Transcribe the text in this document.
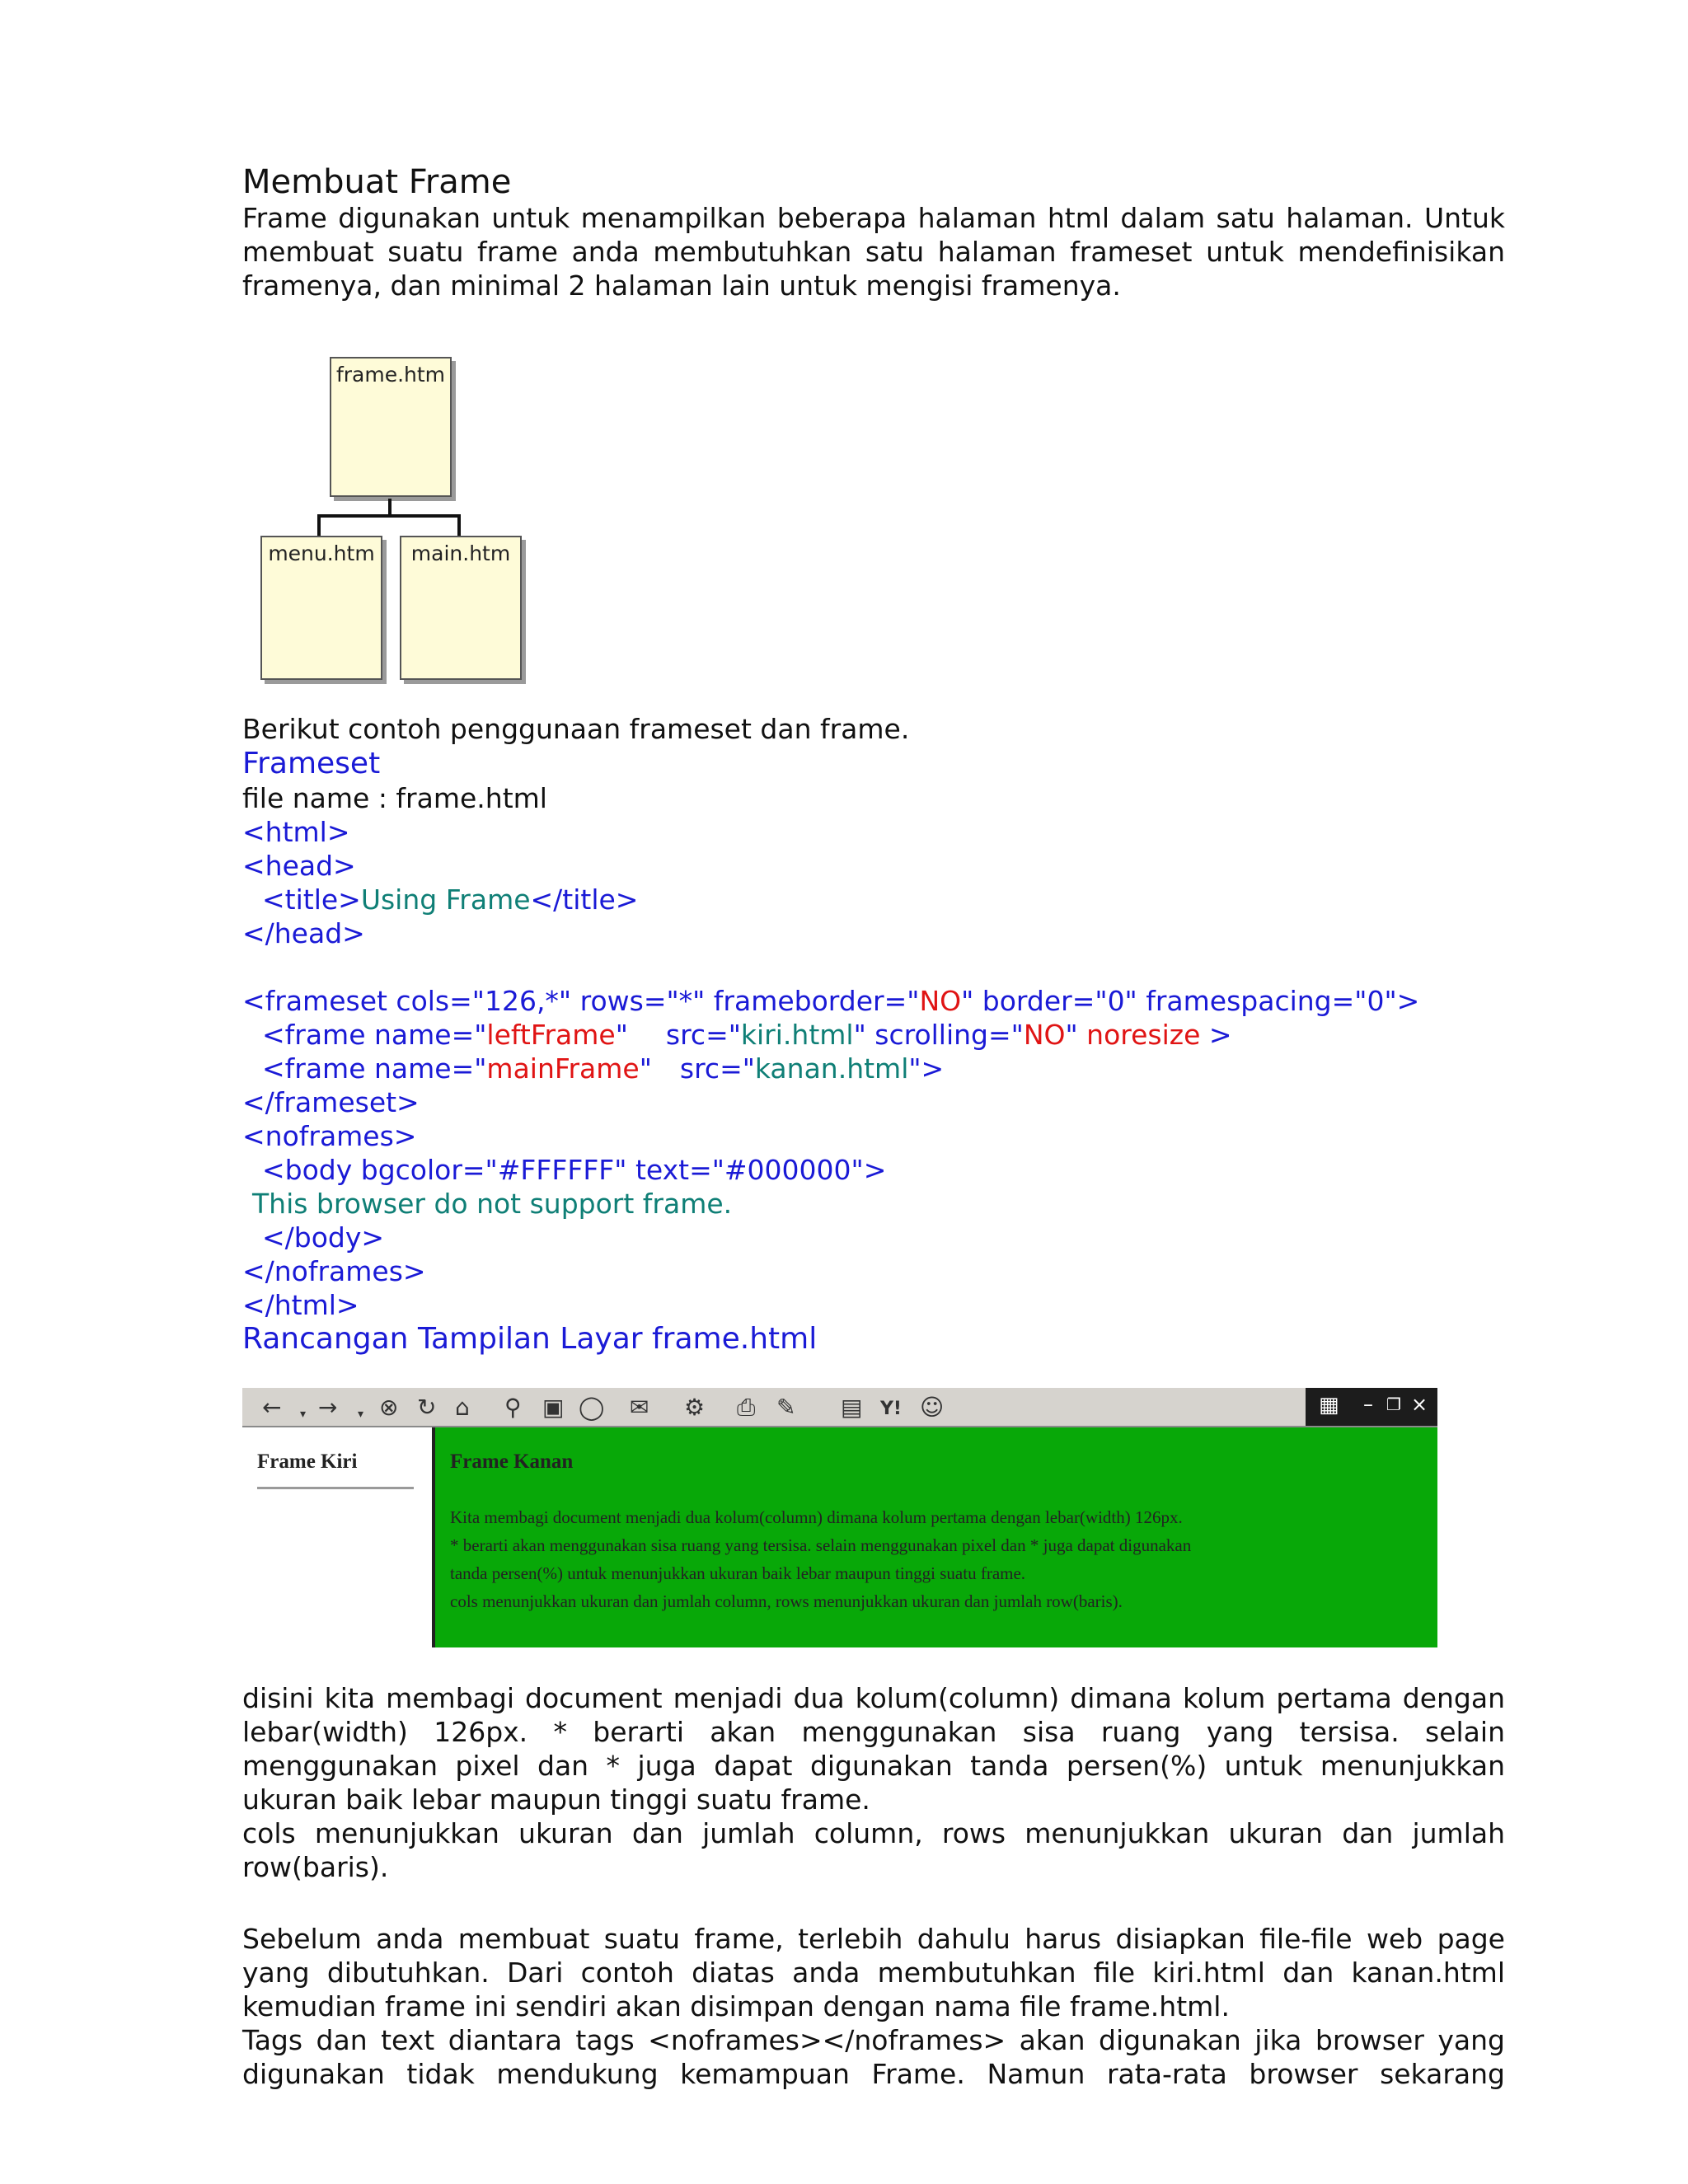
Membuat Frame
Frame digunakan untuk menampilkan beberapa halaman html dalam satu halaman. Untuk membuat suatu frame anda membutuhkan satu halaman frameset untuk mendefinisikan framenya, dan minimal 2 halaman lain untuk mengisi framenya.
frame.htm
menu.htm	main.htm
Berikut contoh penggunaan frameset dan frame.
Frameset
file name : frame.html
<html>
<head>
<title>Using Frame</title>
</head>
<frameset cols="126,*" rows="*" frameborder="NO" border="0" framespacing="0">
<frame name="leftFrame" src="kiri.html" scrolling="NO" noresize >
<frame name="mainFrame" src="kanan.html">
</frameset>
<noframes>
<body bgcolor="#FFFFFF" text="#000000">
This browser do not support frame.
</body>
</noframes>
</html>
Rancangan Tampilan Layar frame.html
← ▾ → ▾ ⊗ ↻ ⌂ ⚲ ▣ ◯ ✉ ⚙ ⎙ ✎ ▤ Y! ☺	▦ – ❐ ×
Frame Kiri	Frame Kanan
Kita membagi document menjadi dua kolum(column) dimana kolum pertama dengan lebar(width) 126px.
* berarti akan menggunakan sisa ruang yang tersisa. selain menggunakan pixel dan * juga dapat digunakan
tanda persen(%) untuk menunjukkan ukuran baik lebar maupun tinggi suatu frame.
cols menunjukkan ukuran dan jumlah column, rows menunjukkan ukuran dan jumlah row(baris).
disini kita membagi document menjadi dua kolum(column) dimana kolum pertama dengan lebar(width) 126px. * berarti akan menggunakan sisa ruang yang tersisa. selain menggunakan pixel dan * juga dapat digunakan tanda persen(%) untuk menunjukkan ukuran baik lebar maupun tinggi suatu frame.
cols menunjukkan ukuran dan jumlah column, rows menunjukkan ukuran dan jumlah row(baris).
Sebelum anda membuat suatu frame, terlebih dahulu harus disiapkan file-file web page yang dibutuhkan. Dari contoh diatas anda membutuhkan file kiri.html dan kanan.html kemudian frame ini sendiri akan disimpan dengan nama file frame.html.
Tags dan text diantara tags <noframes></noframes> akan digunakan jika browser yang digunakan tidak mendukung kemampuan Frame. Namun rata-rata browser sekarang
